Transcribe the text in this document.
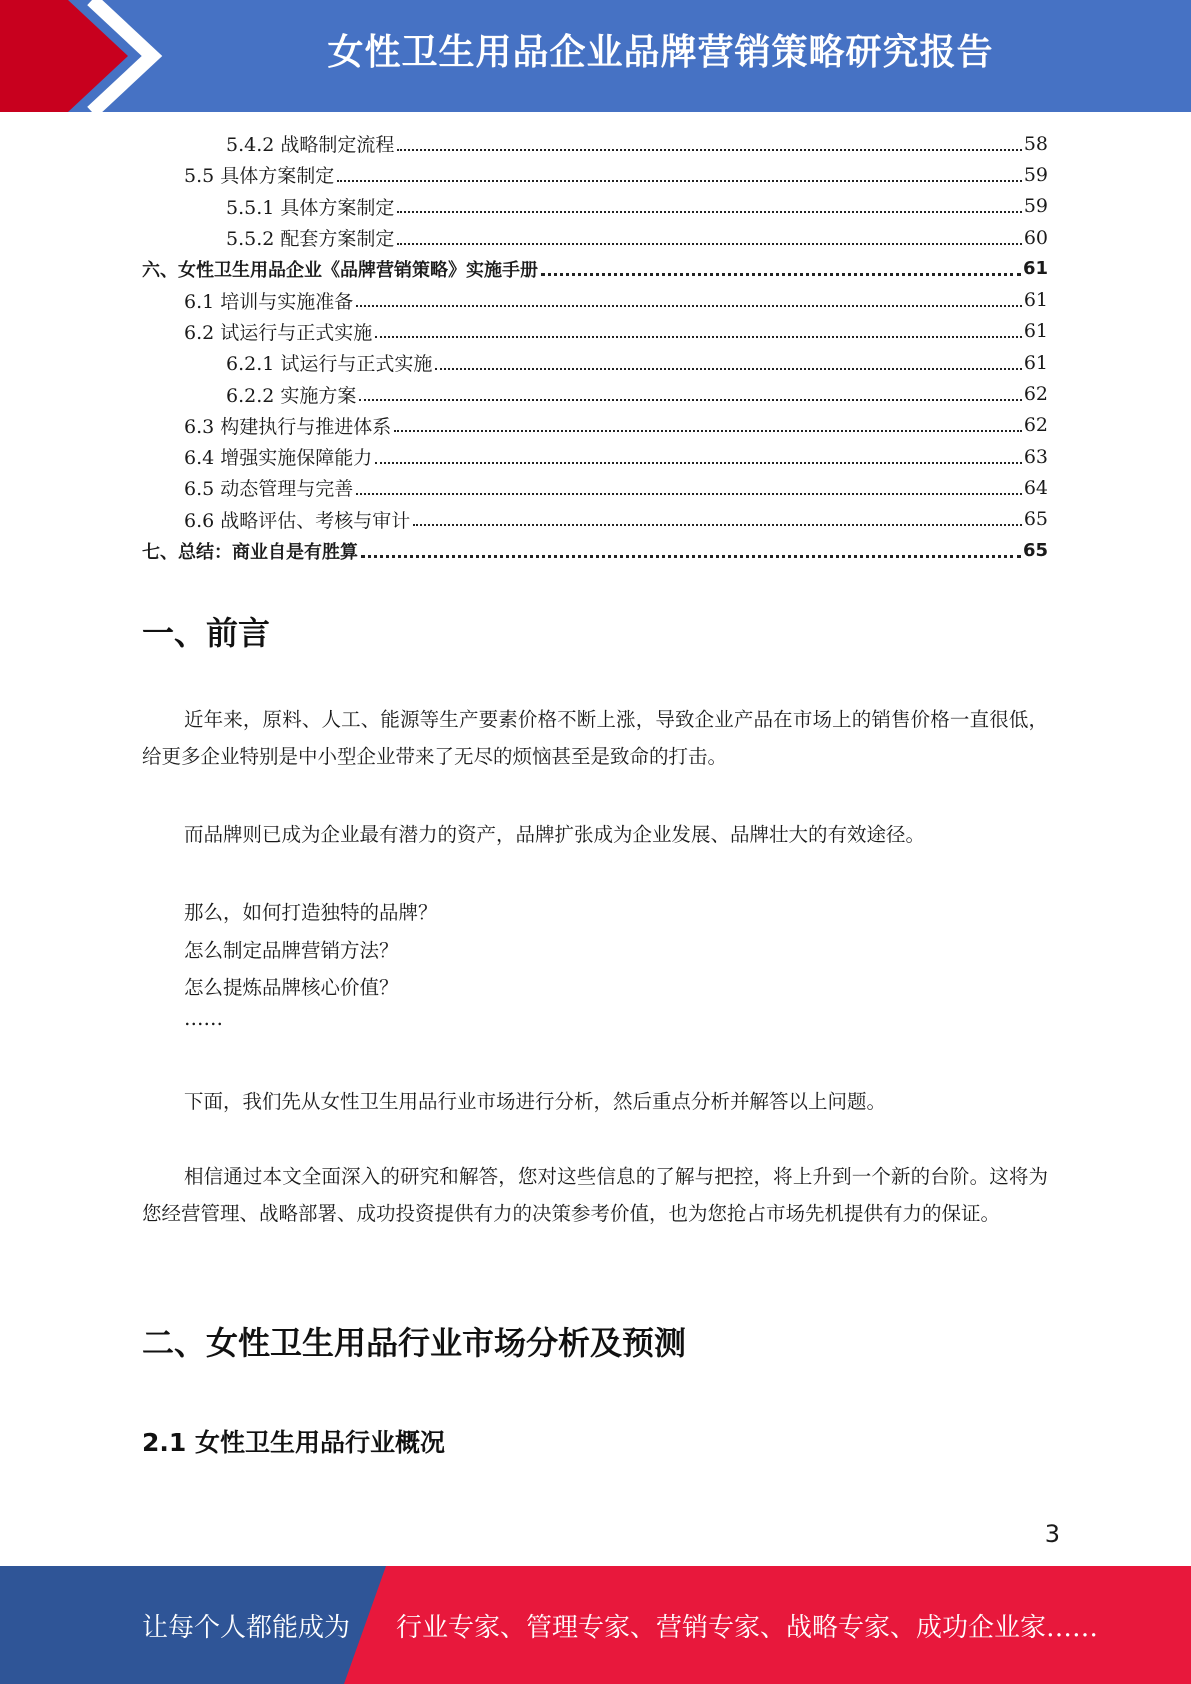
女性卫生用品企业品牌营销策略研究报告
5.4.2 战略制定流程	58
5.5 具体方案制定	59
5.5.1 具体方案制定	59
5.5.2 配套方案制定	60
六、女性卫生用品企业《品牌营销策略》实施手册	61
6.1 培训与实施准备	61
6.2 试运行与正式实施	61
6.2.1 试运行与正式实施	61
6.2.2 实施方案	62
6.3 构建执行与推进体系	62
6.4 增强实施保障能力	63
6.5 动态管理与完善	64
6.6 战略评估、考核与审计	65
七、总结：商业自是有胜算	65
一、前言

近年来，原料、人工、能源等生产要素价格不断上涨，导致企业产品在市场上的销售价格一直很低，给更多企业特别是中小型企业带来了无尽的烦恼甚至是致命的打击。

而品牌则已成为企业最有潜力的资产，品牌扩张成为企业发展、品牌壮大的有效途径。

那么，如何打造独特的品牌？

怎么制定品牌营销方法？

怎么提炼品牌核心价值？

……

下面，我们先从女性卫生用品行业市场进行分析，然后重点分析并解答以上问题。

相信通过本文全面深入的研究和解答，您对这些信息的了解与把控，将上升到一个新的台阶。这将为您经营管理、战略部署、成功投资提供有力的决策参考价值，也为您抢占市场先机提供有力的保证。

二、女性卫生用品行业市场分析及预测
2.1 女性卫生用品行业概况
3
让每个人都能成为 行业专家、管理专家、营销专家、战略专家、成功企业家……
